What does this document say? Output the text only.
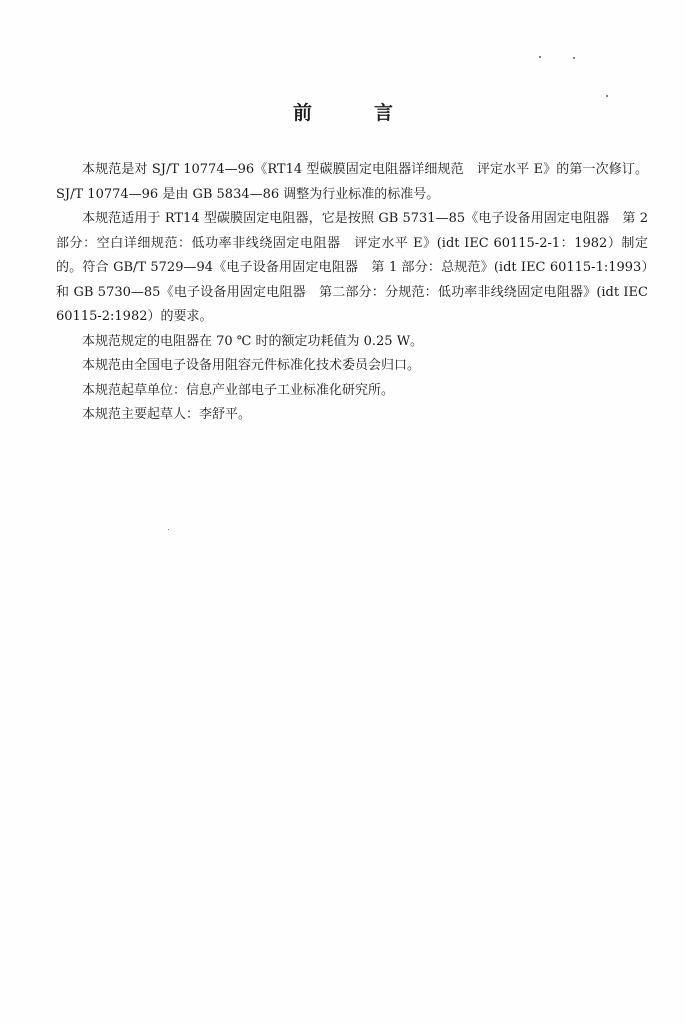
前	言

本规范是对 SJ/T 10774—96《RT14 型碳膜固定电阻器详细规范　评定水平 E》的第一次修订。SJ/T 10774—96 是由 GB 5834—86 调整为行业标准的标准号。

本规范适用于 RT14 型碳膜固定电阻器，它是按照 GB 5731—85《电子设备用固定电阻器　第 2 部分：空白详细规范：低功率非线绕固定电阻器　评定水平 E》(idt IEC 60115-2-1：1982）制定的。符合 GB/T 5729—94《电子设备用固定电阻器　第 1 部分：总规范》(idt IEC 60115-1:1993）和 GB 5730—85《电子设备用固定电阻器　第二部分：分规范：低功率非线绕固定电阻器》(idt IEC 60115-2:1982）的要求。

本规范规定的电阻器在 70 ℃ 时的额定功耗值为 0.25 W。

本规范由全国电子设备用阻容元件标准化技术委员会归口。

本规范起草单位：信息产业部电子工业标准化研究所。

本规范主要起草人：李舒平。
